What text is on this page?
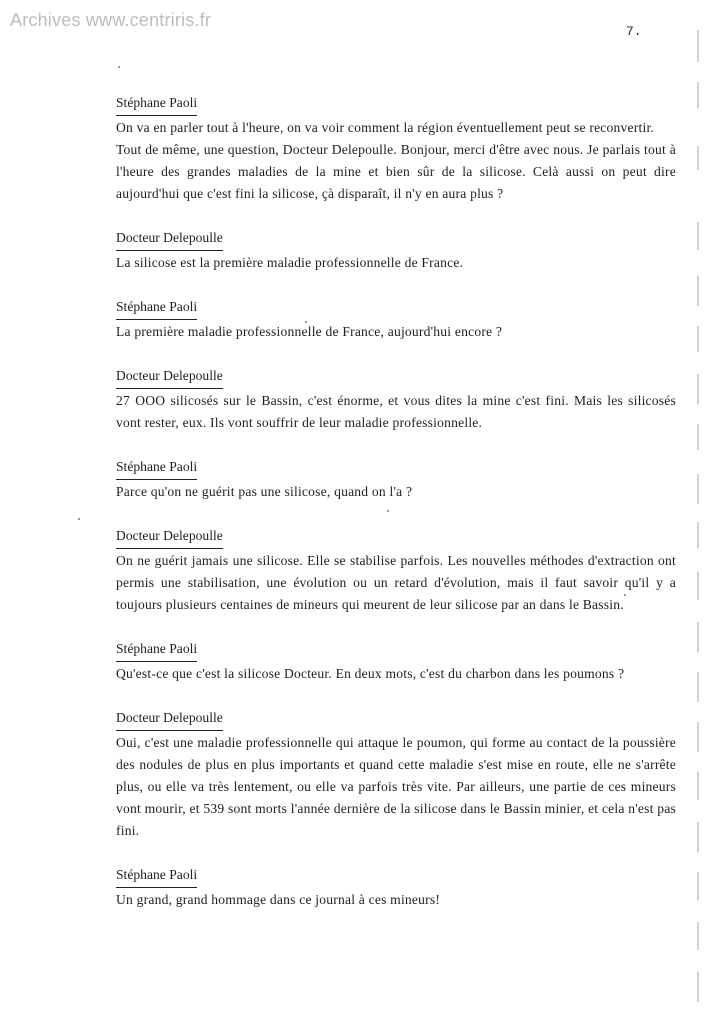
Archives www.centriris.fr
7.
Stéphane Paoli
On va en parler tout à l'heure, on va voir comment la région éventuellement peut se reconvertir.
Tout de même, une question, Docteur Delepoulle. Bonjour, merci d'être avec nous. Je parlais tout à l'heure des grandes maladies de la mine et bien sûr de la silicose. Celà aussi on peut dire aujourd'hui que c'est fini la silicose, çà disparaît, il n'y en aura plus ?
Docteur Delepoulle
La silicose est la première maladie professionnelle de France.
Stéphane Paoli
La première maladie professionnelle de France, aujourd'hui encore ?
Docteur Delepoulle
27 OOO silicosés sur le Bassin, c'est énorme, et vous dites la mine c'est fini. Mais les silicosés vont rester, eux. Ils vont souffrir de leur maladie professionnelle.
Stéphane Paoli
Parce qu'on ne guérit pas une silicose, quand on l'a ?
Docteur Delepoulle
On ne guérit jamais une silicose. Elle se stabilise parfois. Les nouvelles méthodes d'extraction ont permis une stabilisation, une évolution ou un retard d'évolution, mais il faut savoir qu'il y a toujours plusieurs centaines de mineurs qui meurent de leur silicose par an dans le Bassin.
Stéphane Paoli
Qu'est-ce que c'est la silicose Docteur. En deux mots, c'est du charbon dans les poumons ?
Docteur Delepoulle
Oui, c'est une maladie professionnelle qui attaque le poumon, qui forme au contact de la poussière des nodules de plus en plus importants et quand cette maladie s'est mise en route, elle ne s'arrête plus, ou elle va très lentement, ou elle va parfois très vite. Par ailleurs, une partie de ces mineurs vont mourir, et 539 sont morts l'année dernière de la silicose dans le Bassin minier, et cela n'est pas fini.
Stéphane Paoli
Un grand, grand hommage dans ce journal à ces mineurs!
